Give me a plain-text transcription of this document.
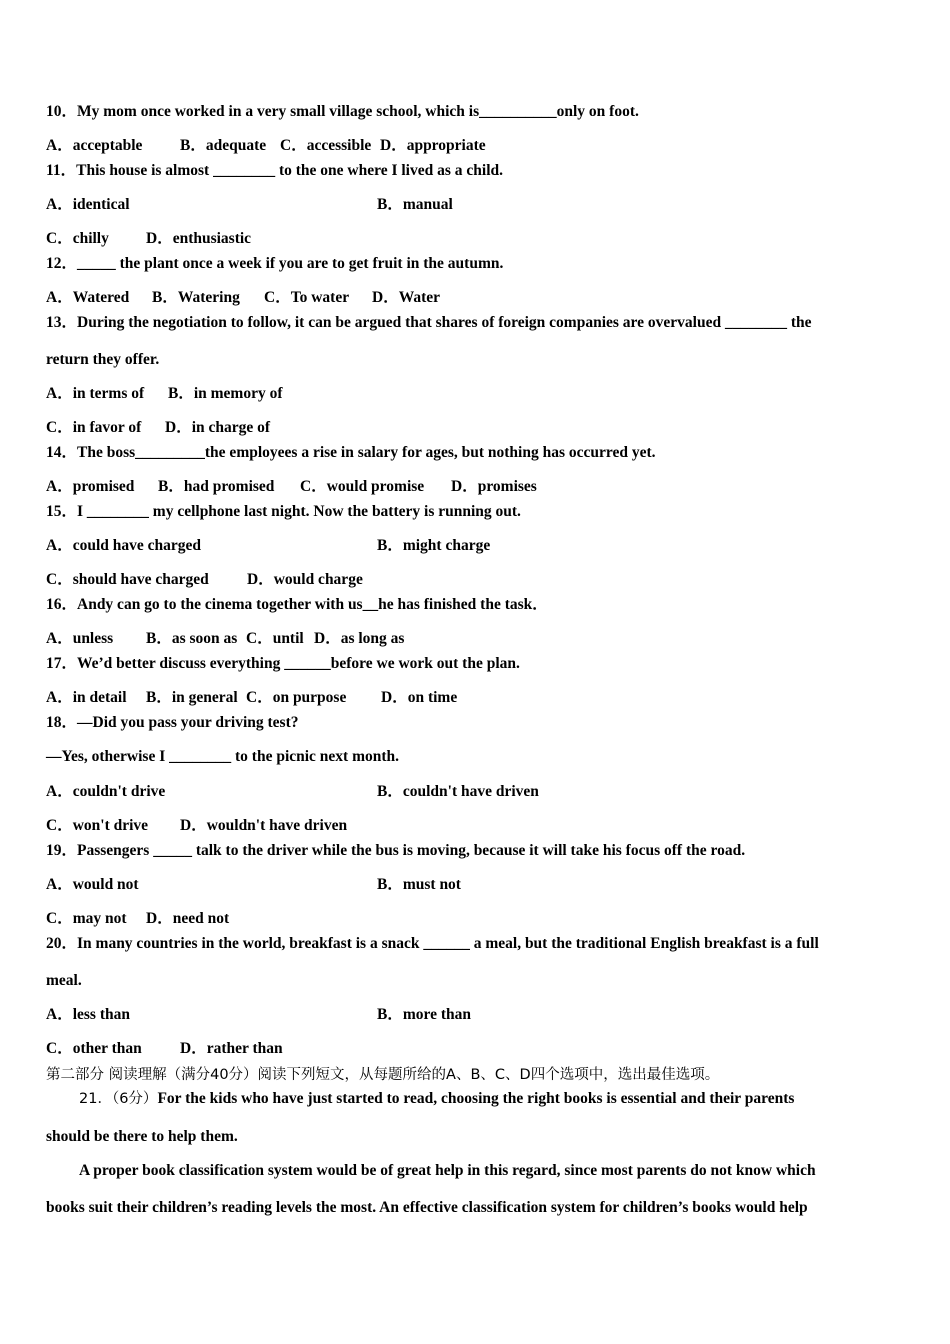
10．My mom once worked in a very small village school, which is__________only on foot.
A．acceptable B．adequate C．accessible D．appropriate
11．This house is almost ________ to the one where I lived as a child.
A．identical	B．manual
C．chilly D．enthusiastic
12．_____ the plant once a week if you are to get fruit in the autumn.
A．Watered B．Watering C．To water D．Water
13．During the negotiation to follow, it can be argued that shares of foreign companies are overvalued ________ the
return they offer.
A．in terms of B．in memory of
C．in favor of D．in charge of
14．The boss_________the employees a rise in salary for ages, but nothing has occurred yet.
A．promised B．had promised C．would promise D．promises
15．I ________ my cellphone last night. Now the battery is running out.
A．could have charged	B．might charge
C．should have charged D．would charge
16．Andy can go to the cinema together with us__he has finished the task．
A．unless B．as soon as C．until D．as long as
17．We’d better discuss everything ______before we work out the plan.
A．in detail B．in general C．on purpose D．on time
18．—Did you pass your driving test?
—Yes, otherwise I ________ to the picnic next month.
A．couldn't drive	B．couldn't have driven
C．won't drive D．wouldn't have driven
19．Passengers _____ talk to the driver while the bus is moving, because it will take his focus off the road.
A．would not	B．must not
C．may not D．need not
20．In many countries in the world, breakfast is a snack ______ a meal, but the traditional English breakfast is a full
meal.
A．less than	B．more than
C．other than D．rather than
第二部分 阅读理解（满分40分）阅读下列短文，从每题所给的A、B、C、D四个选项中，选出最佳选项。
21．（6分）For the kids who have just started to read, choosing the right books is essential and their parents
should be there to help them.
A proper book classification system would be of great help in this regard, since most parents do not know which
books suit their children’s reading levels the most. An effective classification system for children’s books would help
